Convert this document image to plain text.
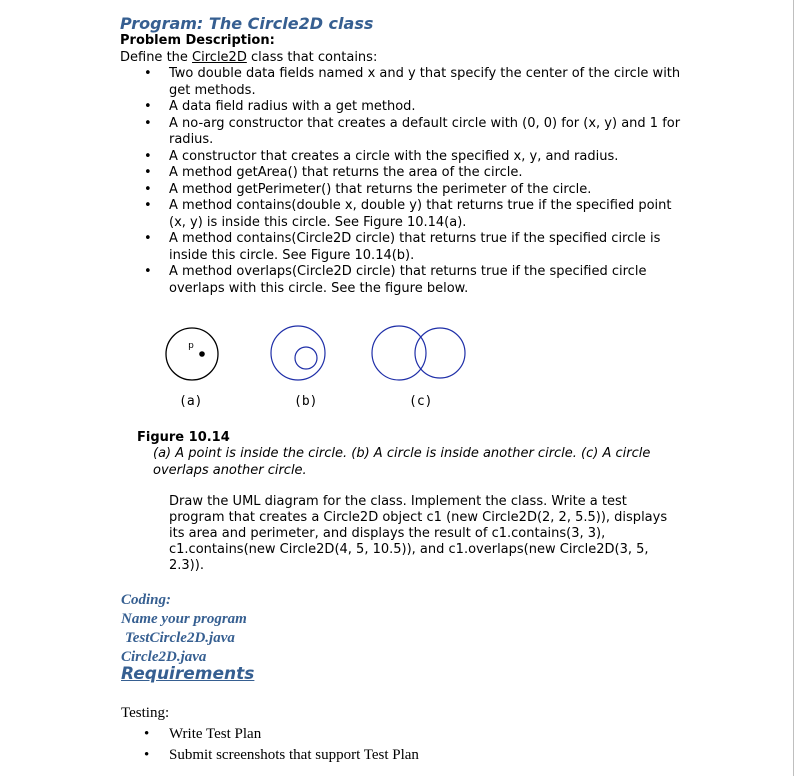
Program: The Circle2D class
Problem Description:
Define the Circle2D class that contains:
• Two double data fields named x and y that specify the center of the circle with get methods.
• A data field radius with a get method.
• A no-arg constructor that creates a default circle with (0, 0) for (x, y) and 1 for radius.
• A constructor that creates a circle with the specified x, y, and radius.
• A method getArea() that returns the area of the circle.
• A method getPerimeter() that returns the perimeter of the circle.
• A method contains(double x, double y) that returns true if the specified point (x, y) is inside this circle. See Figure 10.14(a).
• A method contains(Circle2D circle) that returns true if the specified circle is inside this circle. See Figure 10.14(b).
• A method overlaps(Circle2D circle) that returns true if the specified circle overlaps with this circle. See the figure below.
p
(a)	(b)	(c)
Figure 10.14
(a) A point is inside the circle. (b) A circle is inside another circle. (c) A circle overlaps another circle.
Draw the UML diagram for the class. Implement the class. Write a test program that creates a Circle2D object c1 (new Circle2D(2, 2, 5.5)), displays its area and perimeter, and displays the result of c1.contains(3, 3), c1.contains(new Circle2D(4, 5, 10.5)), and c1.overlaps(new Circle2D(3, 5, 2.3)).
Coding:
Name your program
TestCircle2D.java
Circle2D.java
Requirements
Testing:
• Write Test Plan
• Submit screenshots that support Test Plan
